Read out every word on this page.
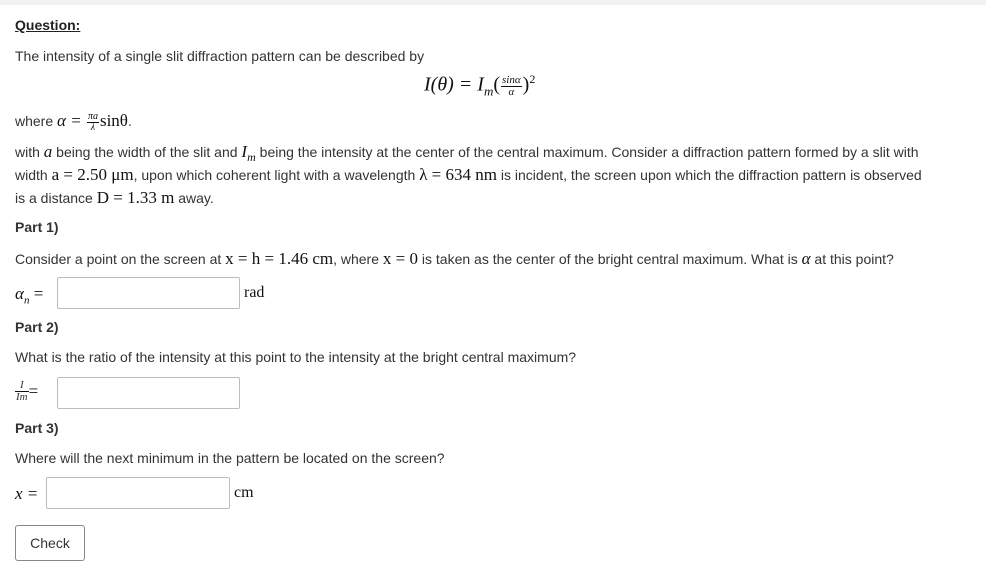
Question:
The intensity of a single slit diffraction pattern can be described by
$I(\theta) = I_m( \frac{\sin\alpha}{\alpha} )^2$
where $\alpha = \frac{\pi a}{\lambda} \sin\theta$.
with a being the width of the slit and $I_m$ being the intensity at the center of the central maximum. Consider a diffraction pattern formed by a slit with
width a = 2.50 μm, upon which coherent light with a wavelength λ = 634 nm is incident, the screen upon which the diffraction pattern is observed
is a distance D = 1.33 m away.
Part 1)
Consider a point on the screen at x = h = 1.46 cm, where x = 0 is taken as the center of the bright central maximum. What is α at this point?
$\alpha_n$ =	rad
Part 2)
What is the ratio of the intensity at this point to the intensity at the bright central maximum?
$\frac{I}{Im}$ =
Part 3)
Where will the next minimum in the pattern be located on the screen?
x =	cm
Check
